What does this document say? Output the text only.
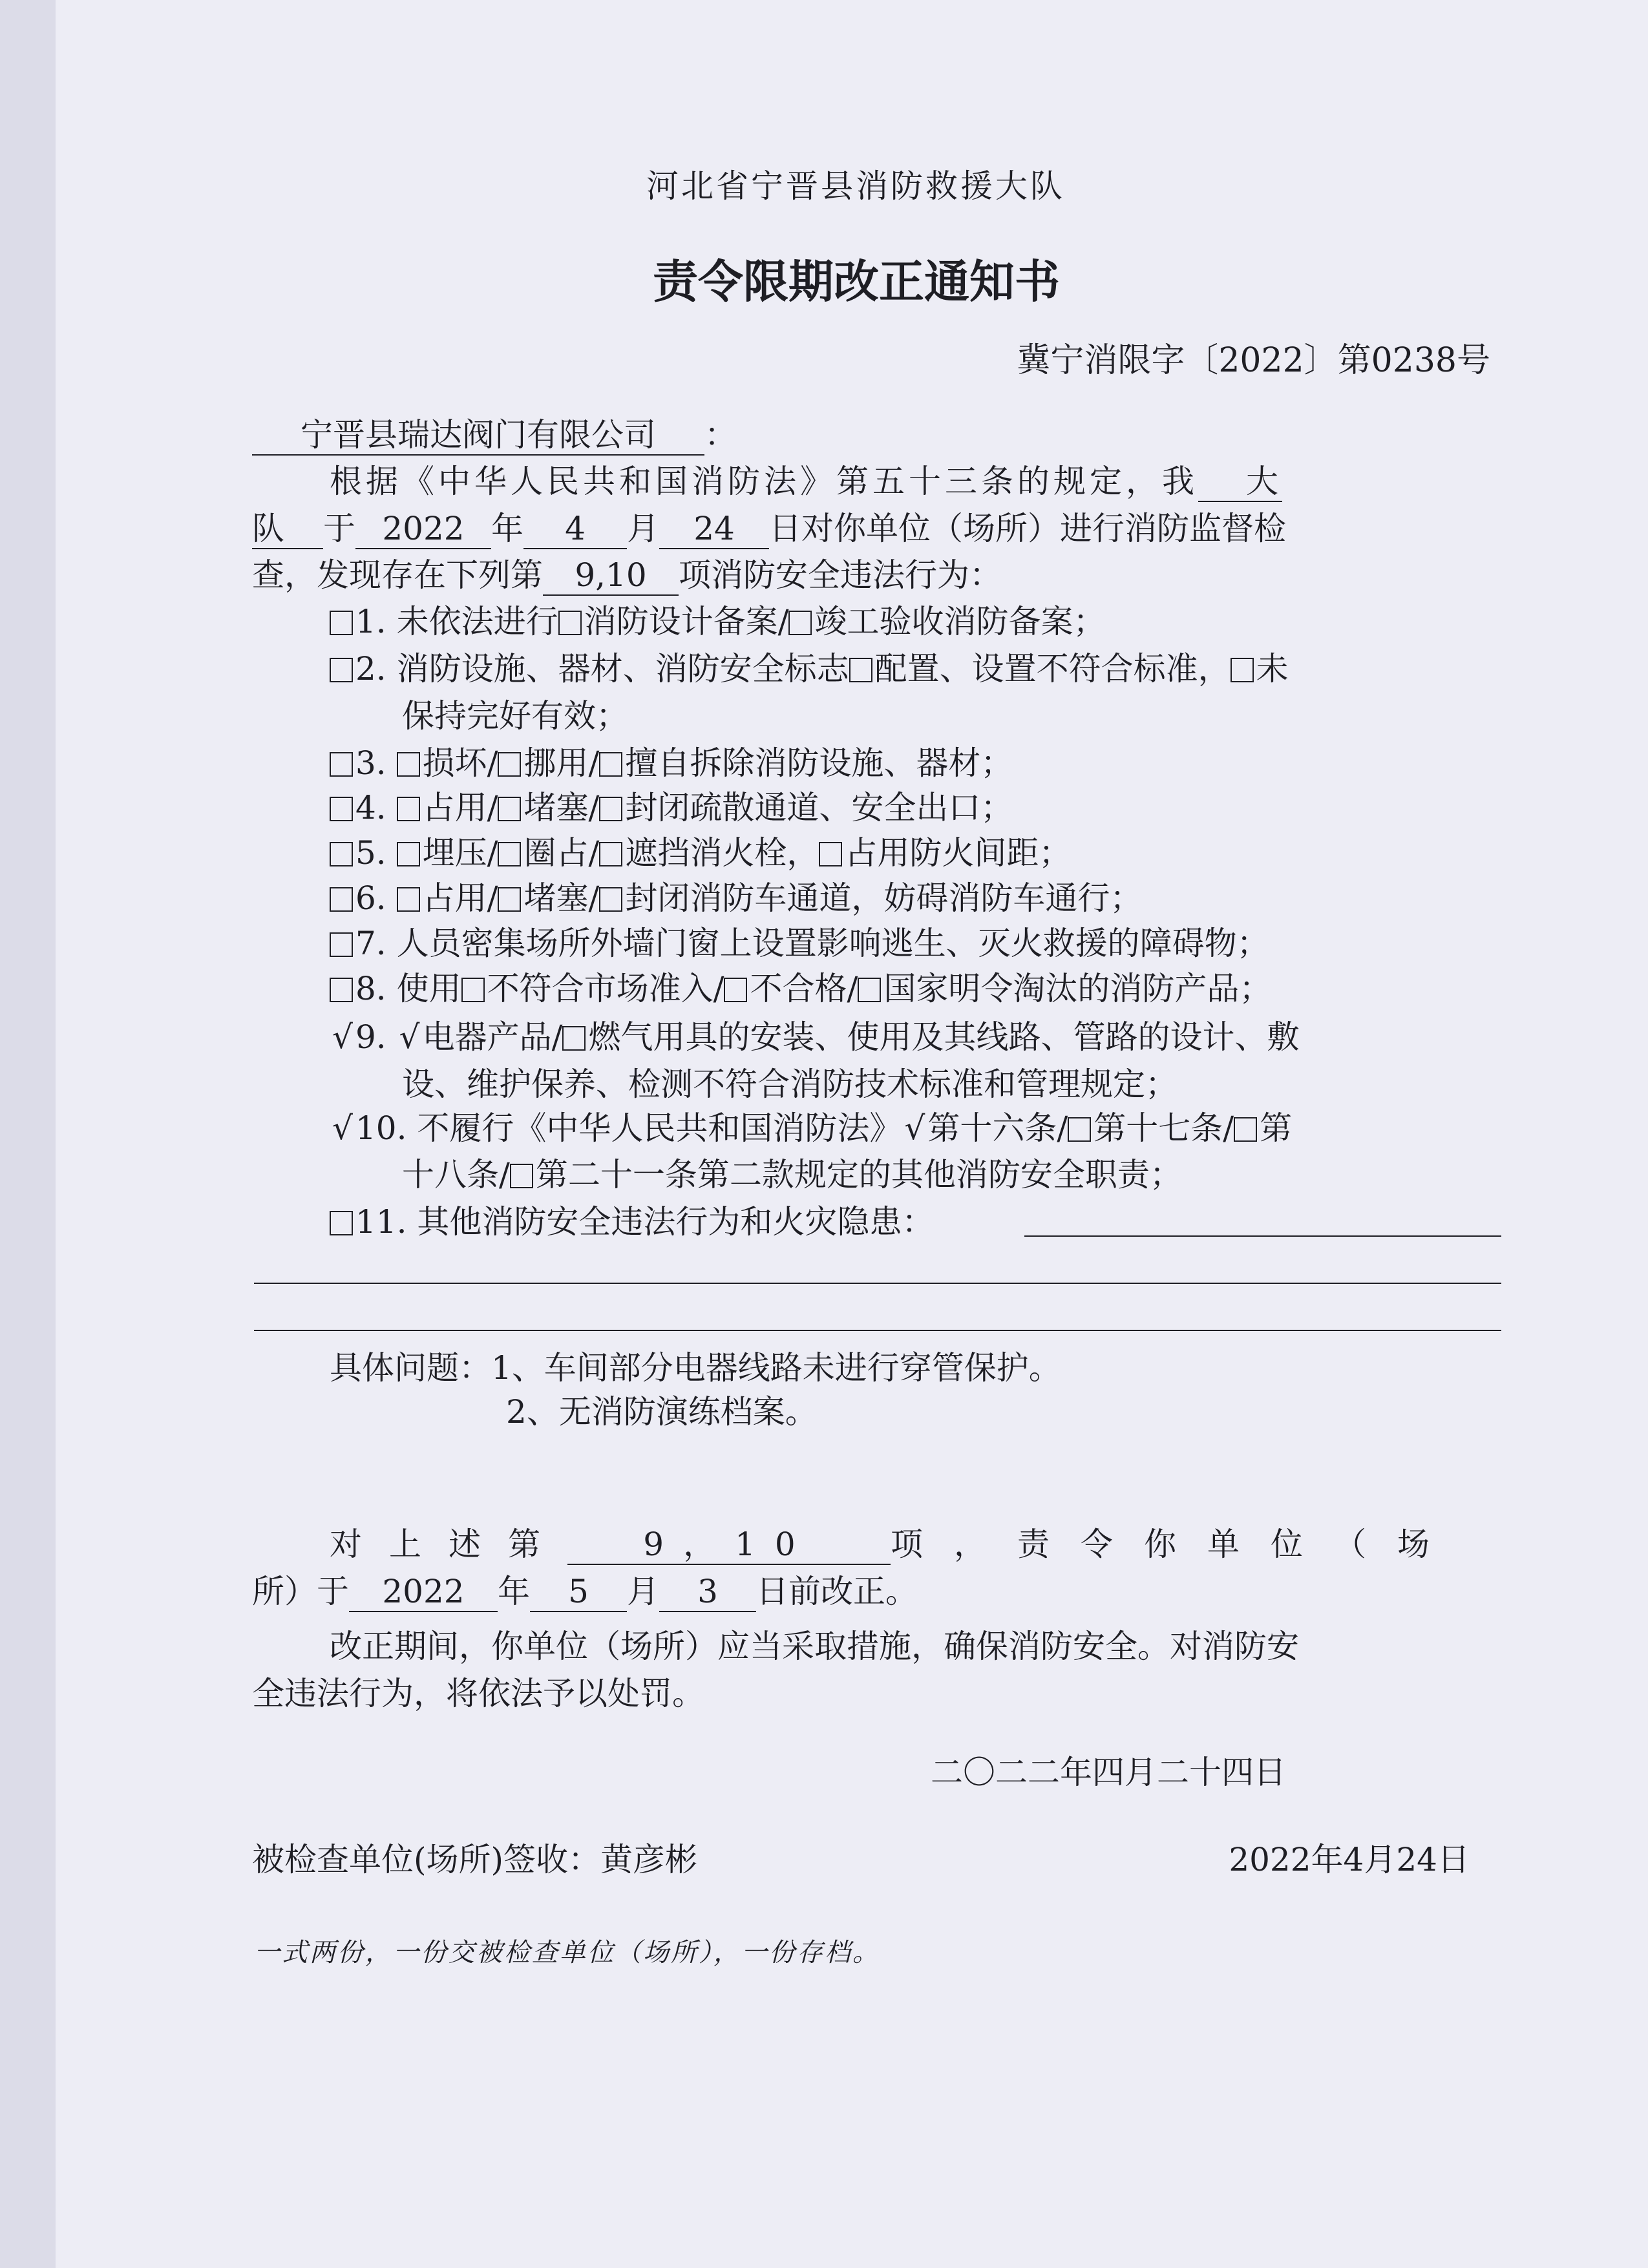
河北省宁晋县消防救援大队
责令限期改正通知书
冀宁消限字〔2022〕第0238号
宁晋县瑞达阀门有限公司 ：
根据《中华人民共和国消防法》第五十三条的规定，我 大
队 于 2022 年 4 月 24 日对你单位（场所）进行消防监督检
查，发现存在下列第 9,10 项消防安全违法行为：
1. 未依法进行 消防设计备案/ 竣工验收消防备案；
2. 消防设施、器材、消防安全标志 配置、设置不符合标准， 未
保持完好有效；
3. 损坏/ 挪用/ 擅自拆除消防设施、器材；
4. 占用/ 堵塞/ 封闭疏散通道、安全出口；
5. 埋压/ 圈占/ 遮挡消火栓， 占用防火间距；
6. 占用/ 堵塞/ 封闭消防车通道，妨碍消防车通行；
7. 人员密集场所外墙门窗上设置影响逃生、灭火救援的障碍物；
8. 使用 不符合市场准入/ 不合格/ 国家明令淘汰的消防产品；
√9. √电器产品/ 燃气用具的安装、使用及其线路、管路的设计、敷
设、维护保养、检测不符合消防技术标准和管理规定；
√10. 不履行《中华人民共和国消防法》√第十六条/ 第十七条/ 第
十八条/ 第二十一条第二款规定的其他消防安全职责；
11. 其他消防安全违法行为和火灾隐患：
具体问题：1、车间部分电器线路未进行穿管保护。
2、无消防演练档案。
对上述第 9，10 项，责令你单位（场
所）于 2022 年 5 月 3 日前改正。
改正期间，你单位（场所）应当采取措施，确保消防安全。对消防安
全违法行为，将依法予以处罚。
二〇二二年四月二十四日
被检查单位(场所)签收：黄彦彬	2022年4月24日
一式两份，一份交被检查单位（场所），一份存档。
